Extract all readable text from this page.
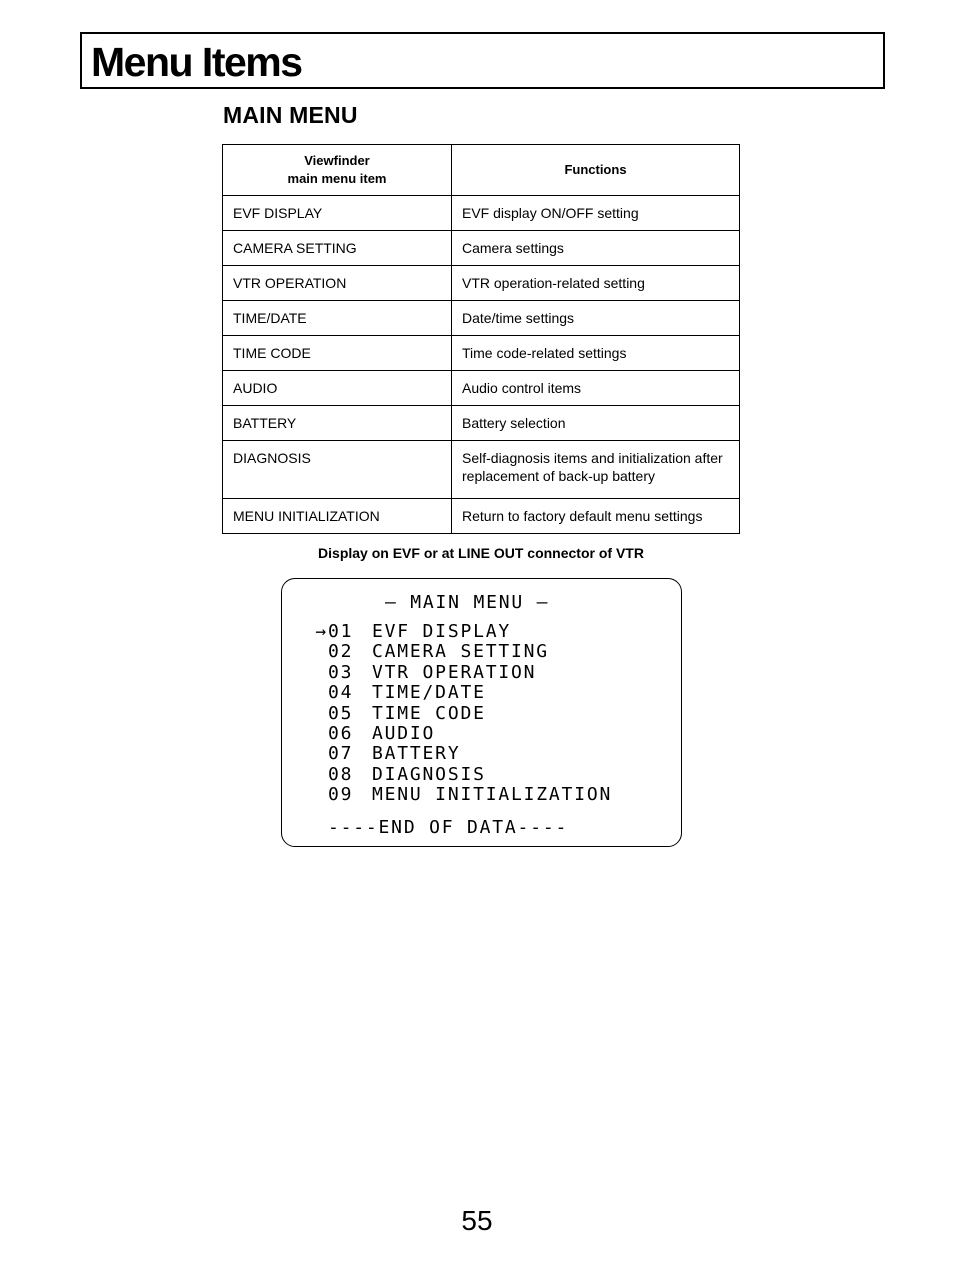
Menu Items
MAIN MENU
Viewfinder
main menu item	Functions
EVF DISPLAY	EVF display ON/OFF setting
CAMERA SETTING	Camera settings
VTR OPERATION	VTR operation-related setting
TIME/DATE	Date/time settings
TIME CODE	Time code-related settings
AUDIO	Audio control items
BATTERY	Battery selection
DIAGNOSIS	Self-diagnosis items and initialization after replacement of back-up battery
MENU INITIALIZATION	Return to factory default menu settings
Display on EVF or at LINE OUT connector of VTR
– MAIN MENU –
→01 EVF DISPLAY
02 CAMERA SETTING
03 VTR OPERATION
04 TIME/DATE
05 TIME CODE
06 AUDIO
07 BATTERY
08 DIAGNOSIS
09 MENU INITIALIZATION
----END OF DATA----
55
